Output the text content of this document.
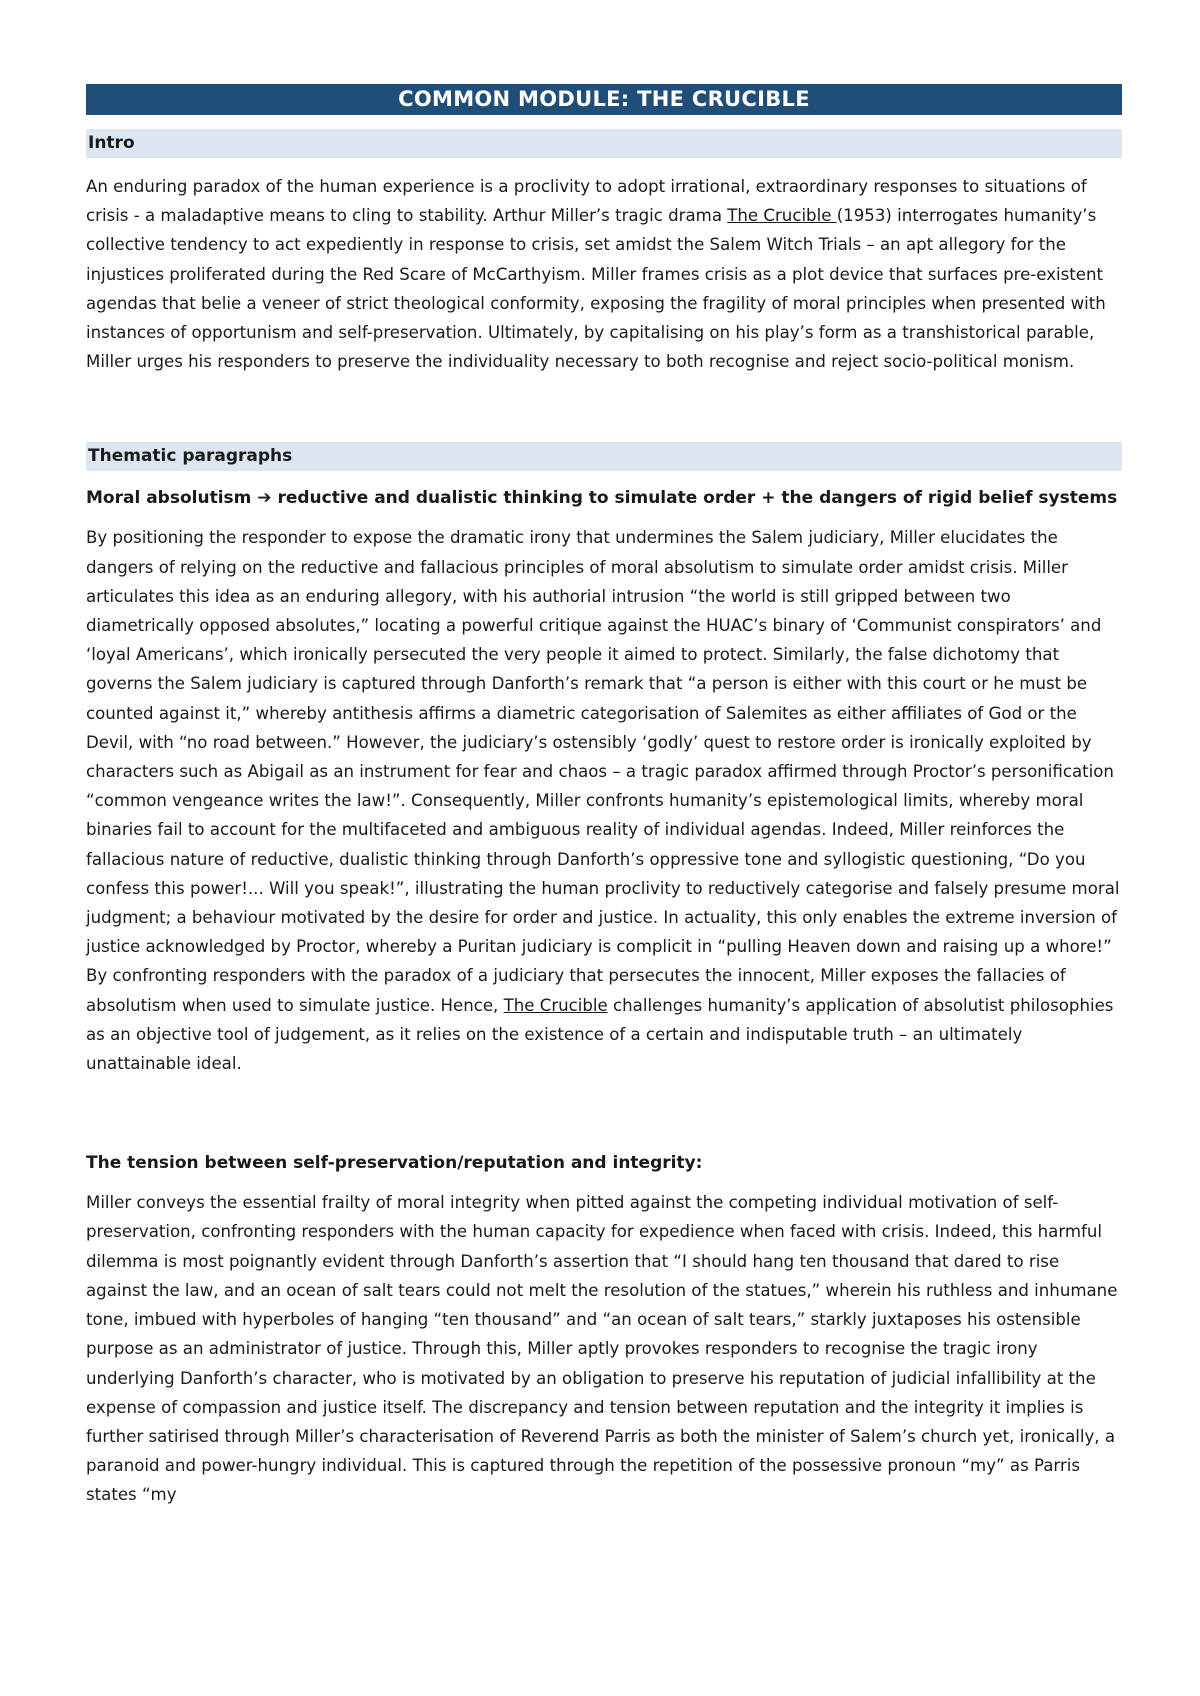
COMMON MODULE: THE CRUCIBLE
Intro

An enduring paradox of the human experience is a proclivity to adopt irrational, extraordinary responses to situations of crisis - a maladaptive means to cling to stability. Arthur Miller’s tragic drama The Crucible (1953) interrogates humanity’s collective tendency to act expediently in response to crisis, set amidst the Salem Witch Trials – an apt allegory for the injustices proliferated during the Red Scare of McCarthyism. Miller frames crisis as a plot device that surfaces pre-existent agendas that belie a veneer of strict theological conformity, exposing the fragility of moral principles when presented with instances of opportunism and self-preservation. Ultimately, by capitalising on his play’s form as a transhistorical parable, Miller urges his responders to preserve the individuality necessary to both recognise and reject socio-political monism.

Thematic paragraphs

Moral absolutism ➔ reductive and dualistic thinking to simulate order + the dangers of rigid belief systems

By positioning the responder to expose the dramatic irony that undermines the Salem judiciary, Miller elucidates the dangers of relying on the reductive and fallacious principles of moral absolutism to simulate order amidst crisis. Miller articulates this idea as an enduring allegory, with his authorial intrusion “the world is still gripped between two diametrically opposed absolutes,” locating a powerful critique against the HUAC’s binary of ‘Communist conspirators’ and ‘loyal Americans’, which ironically persecuted the very people it aimed to protect. Similarly, the false dichotomy that governs the Salem judiciary is captured through Danforth’s remark that “a person is either with this court or he must be counted against it,” whereby antithesis affirms a diametric categorisation of Salemites as either affiliates of God or the Devil, with “no road between.” However, the judiciary’s ostensibly ‘godly’ quest to restore order is ironically exploited by characters such as Abigail as an instrument for fear and chaos – a tragic paradox affirmed through Proctor’s personification “common vengeance writes the law!”. Consequently, Miller confronts humanity’s epistemological limits, whereby moral binaries fail to account for the multifaceted and ambiguous reality of individual agendas. Indeed, Miller reinforces the fallacious nature of reductive, dualistic thinking through Danforth’s oppressive tone and syllogistic questioning, “Do you confess this power!... Will you speak!”, illustrating the human proclivity to reductively categorise and falsely presume moral judgment; a behaviour motivated by the desire for order and justice. In actuality, this only enables the extreme inversion of justice acknowledged by Proctor, whereby a Puritan judiciary is complicit in “pulling Heaven down and raising up a whore!” By confronting responders with the paradox of a judiciary that persecutes the innocent, Miller exposes the fallacies of absolutism when used to simulate justice. Hence, The Crucible challenges humanity’s application of absolutist philosophies as an objective tool of judgement, as it relies on the existence of a certain and indisputable truth – an ultimately unattainable ideal.

The tension between self-preservation/reputation and integrity:

Miller conveys the essential frailty of moral integrity when pitted against the competing individual motivation of self-preservation, confronting responders with the human capacity for expedience when faced with crisis. Indeed, this harmful dilemma is most poignantly evident through Danforth’s assertion that “I should hang ten thousand that dared to rise against the law, and an ocean of salt tears could not melt the resolution of the statues,” wherein his ruthless and inhumane tone, imbued with hyperboles of hanging “ten thousand” and “an ocean of salt tears,” starkly juxtaposes his ostensible purpose as an administrator of justice. Through this, Miller aptly provokes responders to recognise the tragic irony underlying Danforth’s character, who is motivated by an obligation to preserve his reputation of judicial infallibility at the expense of compassion and justice itself. The discrepancy and tension between reputation and the integrity it implies is further satirised through Miller’s characterisation of Reverend Parris as both the minister of Salem’s church yet, ironically, a paranoid and power-hungry individual. This is captured through the repetition of the possessive pronoun “my” as Parris states “my
